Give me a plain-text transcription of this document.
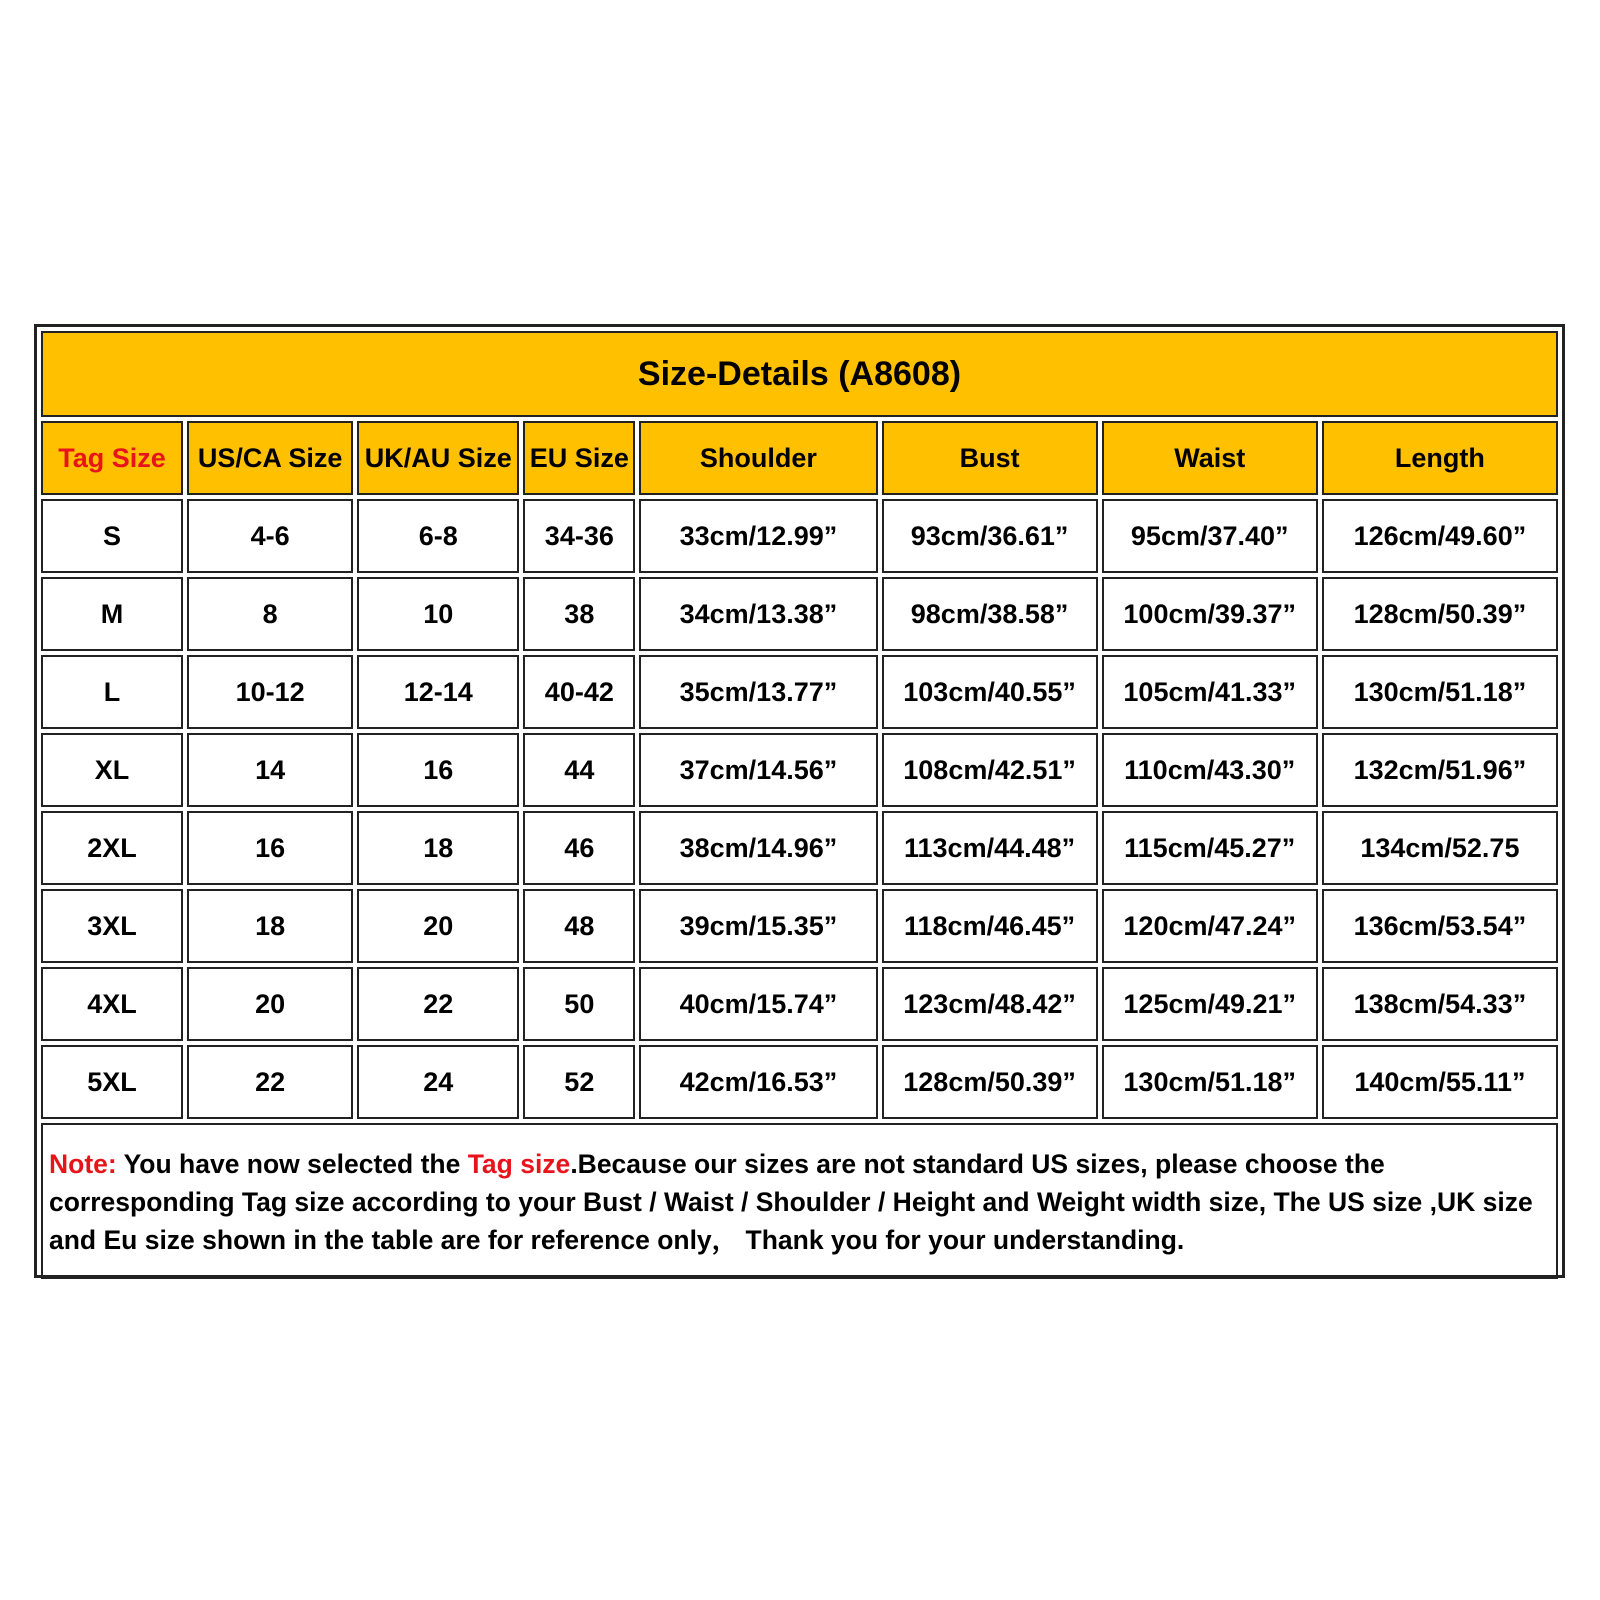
Size-Details (A8608)							
Tag Size	US/CA Size	UK/AU Size	EU Size	Shoulder	Bust	Waist	Length
S	4-6	6-8	34-36	33cm/12.99”	93cm/36.61”	95cm/37.40”	126cm/49.60”
M	8	10	38	34cm/13.38”	98cm/38.58”	100cm/39.37”	128cm/50.39”
L	10-12	12-14	40-42	35cm/13.77”	103cm/40.55”	105cm/41.33”	130cm/51.18”
XL	14	16	44	37cm/14.56”	108cm/42.51”	110cm/43.30”	132cm/51.96”
2XL	16	18	46	38cm/14.96”	113cm/44.48”	115cm/45.27”	134cm/52.75
3XL	18	20	48	39cm/15.35”	118cm/46.45”	120cm/47.24”	136cm/53.54”
4XL	20	22	50	40cm/15.74”	123cm/48.42”	125cm/49.21”	138cm/54.33”
5XL	22	24	52	42cm/16.53”	128cm/50.39”	130cm/51.18”	140cm/55.11”
Note: You have now selected the Tag size.Because our sizes are not standard US sizes, please choose the corresponding Tag size according to your Bust / Waist / Shoulder / Height and Weight width size, The US size ,UK size and Eu size shown in the table are for reference only， Thank you for your understanding.							
